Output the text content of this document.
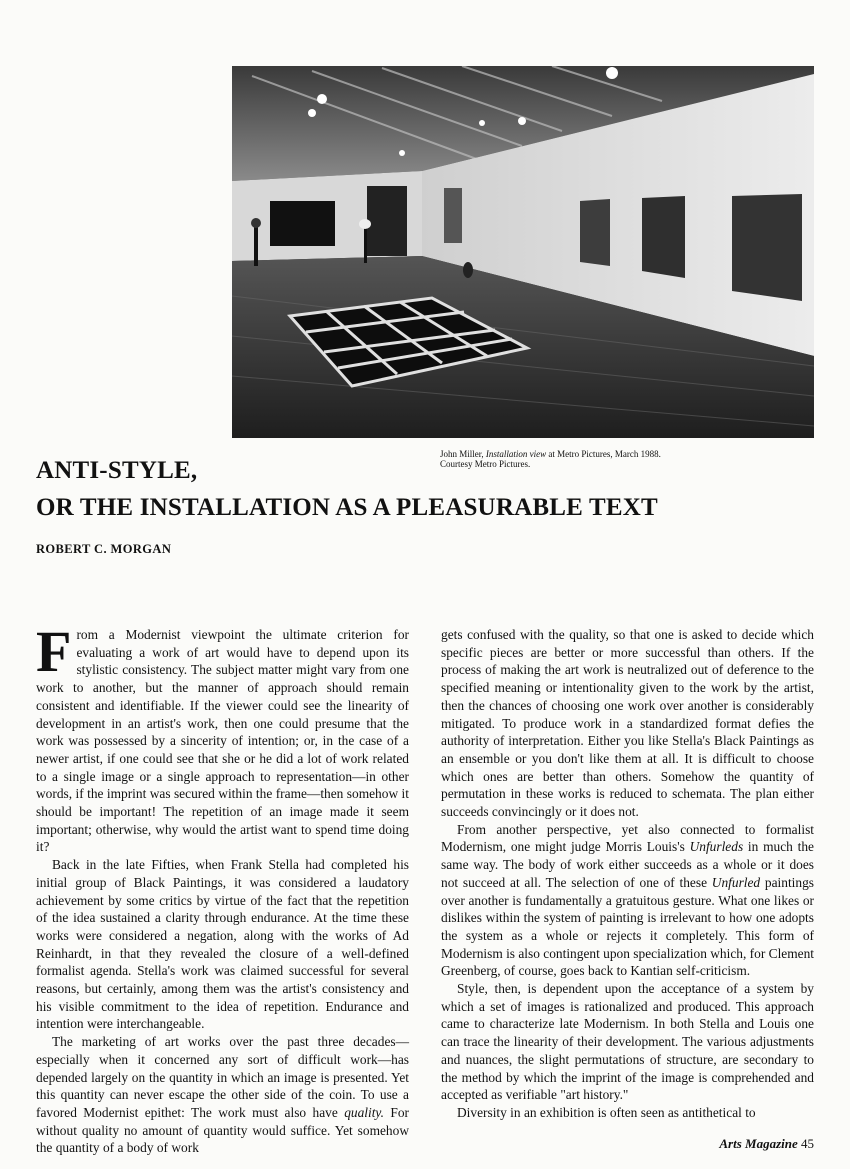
John Miller, Installation view at Metro Pictures, March 1988.
Courtesy Metro Pictures.
ANTI-STYLE,
OR THE INSTALLATION AS A PLEASURABLE TEXT
ROBERT C. MORGAN

From a Modernist viewpoint the ultimate criterion for evaluating a work of art would have to depend upon its stylistic consistency. The subject matter might vary from one work to another, but the manner of approach should remain consistent and identifiable. If the viewer could see the linearity of development in an artist's work, then one could presume that the work was possessed by a sincerity of intention; or, in the case of a newer artist, if one could see that she or he did a lot of work related to a single image or a single approach to representation—in other words, if the imprint was secured within the frame—then somehow it should be important! The repetition of an image made it seem important; otherwise, why would the artist want to spend time doing it?

Back in the late Fifties, when Frank Stella had completed his initial group of Black Paintings, it was considered a laudatory achievement by some critics by virtue of the fact that the repetition of the idea sustained a clarity through endurance. At the time these works were considered a negation, along with the works of Ad Reinhardt, in that they revealed the closure of a well-defined formalist agenda. Stella's work was claimed successful for several reasons, but certainly, among them was the artist's consistency and his visible commitment to the idea of repetition. Endurance and intention were interchangeable.

The marketing of art works over the past three decades—especially when it concerned any sort of difficult work—has depended largely on the quantity in which an image is presented. Yet this quantity can never escape the other side of the coin. To use a favored Modernist epithet: The work must also have quality. For without quality no amount of quantity would suffice. Yet somehow the quantity of a body of work

gets confused with the quality, so that one is asked to decide which specific pieces are better or more successful than others. If the process of making the art work is neutralized out of deference to the specified meaning or intentionality given to the work by the artist, then the chances of choosing one work over another is considerably mitigated. To produce work in a standardized format defies the authority of interpretation. Either you like Stella's Black Paintings as an ensemble or you don't like them at all. It is difficult to choose which ones are better than others. Somehow the quantity of permutation in these works is reduced to schemata. The plan either succeeds convincingly or it does not.

From another perspective, yet also connected to formalist Modernism, one might judge Morris Louis's Unfurleds in much the same way. The body of work either succeeds as a whole or it does not succeed at all. The selection of one of these Unfurled paintings over another is fundamentally a gratuitous gesture. What one likes or dislikes within the system of painting is irrelevant to how one adopts the system as a whole or rejects it completely. This form of Modernism is also contingent upon specialization which, for Clement Greenberg, of course, goes back to Kantian self-criticism.

Style, then, is dependent upon the acceptance of a system by which a set of images is rationalized and produced. This approach came to characterize late Modernism. In both Stella and Louis one can trace the linearity of their development. The various adjustments and nuances, the slight permutations of structure, are secondary to the method by which the imprint of the image is comprehended and accepted as verifiable "art history."

Diversity in an exhibition is often seen as antithetical to

Arts Magazine 45
